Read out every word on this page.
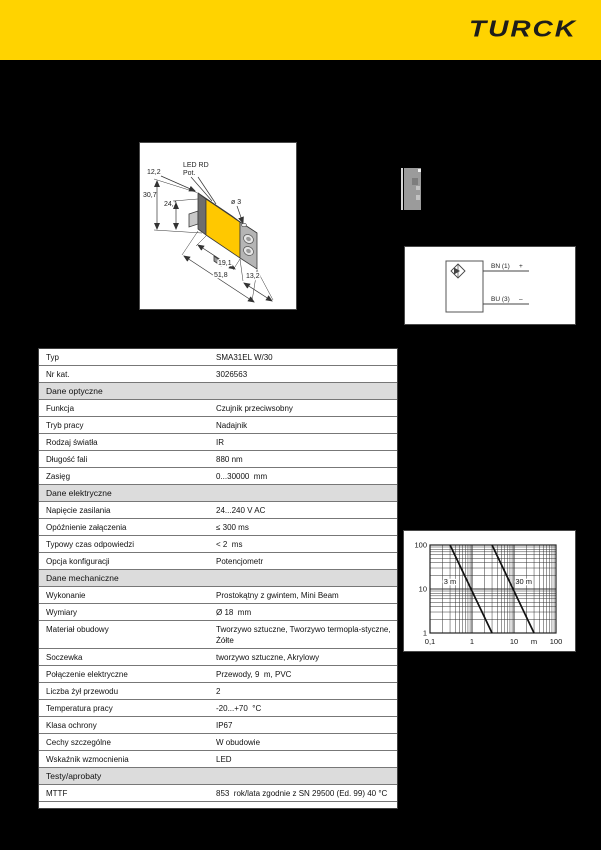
TURCK
12,2
LED RD
Pot.
30,7
24,1	ø 3
19,1
51,8	13,2
BN (1) +
BU (3) –
0,1	1	10	100
m
1
10
100
3 m	30 m
Typ	SMA31EL W/30
Nr kat.	3026563
Dane optyczne
Funkcja	Czujnik przeciwsobny
Tryb pracy	Nadajnik
Rodzaj światła	IR
Długość fali	880 nm
Zasięg	0...30000  mm
Dane elektryczne
Napięcie zasilania	24...240 V AC
Opóźnienie załączenia	≤ 300 ms
Typowy czas odpowiedzi	< 2  ms
Opcja konfiguracji	Potencjometr
Dane mechaniczne
Wykonanie	Prostokątny z gwintem, Mini Beam
Wymiary	Ø 18  mm
Materiał obudowy	Tworzywo sztuczne, Tworzywo termopla-styczne, Żółte
Soczewka	tworzywo sztuczne, Akrylowy
Połączenie elektryczne	Przewody, 9  m, PVC
Liczba żył przewodu	2
Temperatura pracy	-20...+70  °C
Klasa ochrony	IP67
Cechy szczególne	W obudowie
Wskaźnik wzmocnienia	LED
Testy/aprobaty
MTTF	853  rok/lata zgodnie z SN 29500 (Ed. 99) 40 °C
